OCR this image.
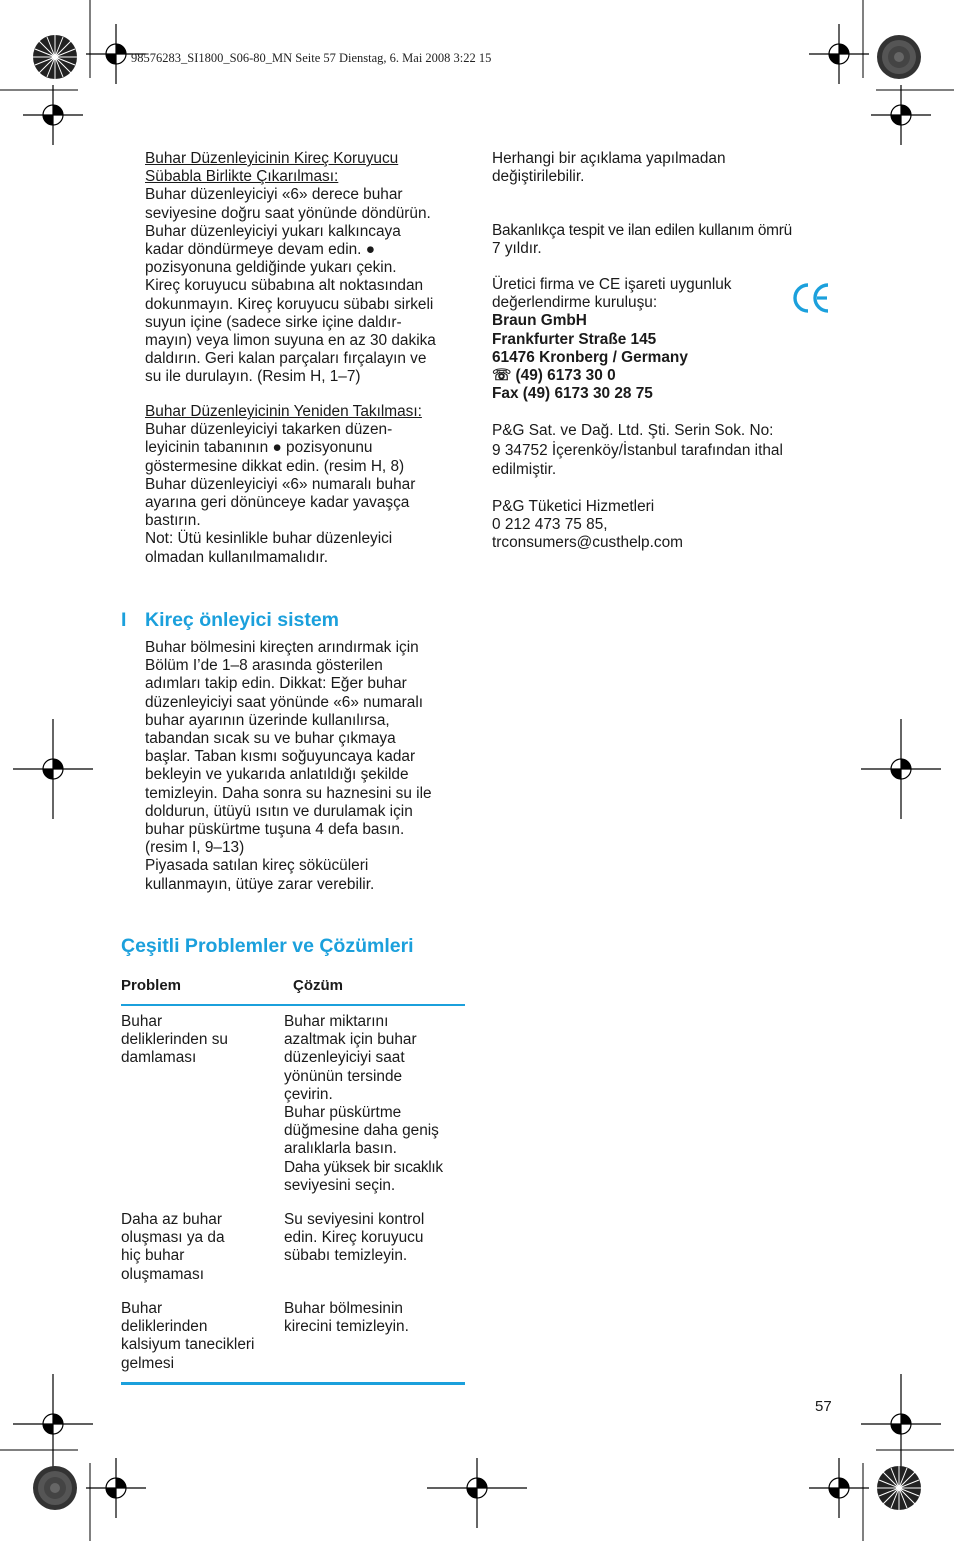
98576283_SI1800_S06-80_MN Seite 57 Dienstag, 6. Mai 2008 3:22 15
Buhar Düzenleyicinin Kireç Koruyucu
Sübabla Birlikte Çıkarılması:
Buhar düzenleyiciyi «6» derece buhar
seviyesine doğru saat yönünde döndürün.
Buhar düzenleyiciyi yukarı kalkıncaya
kadar döndürmeye devam edin. ●
pozisyonuna geldiğinde yukarı çekin.
Kireç koruyucu sübabına alt noktasından
dokunmayın. Kireç koruyucu sübabı sirkeli
suyun içine (sadece sirke içine daldır-
mayın) veya limon suyuna en az 30 dakika
daldırın. Geri kalan parçaları fırçalayın ve
su ile durulayın. (Resim H, 1–7)
Buhar Düzenleyicinin Yeniden Takılması:
Buhar düzenleyiciyi takarken düzen-
leyicinin tabanının ● pozisyonunu
göstermesine dikkat edin. (resim H, 8)
Buhar düzenleyiciyi «6» numaralı buhar
ayarına geri dönünceye kadar yavaşça
bastırın.
Not: Ütü kesinlikle buhar düzenleyici
olmadan kullanılmamalıdır.
I Kireç önleyici sistem
Buhar bölmesini kireçten arındırmak için
Bölüm I’de 1–8 arasında gösterilen
adımları takip edin. Dikkat: Eğer buhar
düzenleyiciyi saat yönünde «6» numaralı
buhar ayarının üzerinde kullanılırsa,
tabandan sıcak su ve buhar çıkmaya
başlar. Taban kısmı soğuyuncaya kadar
bekleyin ve yukarıda anlatıldığı şekilde
temizleyin. Daha sonra su haznesini su ile
doldurun, ütüyü ısıtın ve durulamak için
buhar püskürtme tuşuna 4 defa basın.
(resim I, 9–13)
Piyasada satılan kireç sökücüleri
kullanmayın, ütüye zarar verebilir.
Çeşitli Problemler ve Çözümleri
Problem	Çözüm
Buhar
deliklerinden su
damlaması
Buhar miktarını
azaltmak için buhar
düzenleyiciyi saat
yönünün tersinde
çevirin.
Buhar püskürtme
düğmesine daha geniş
aralıklarla basın.
Daha yüksek bir sıcaklık
seviyesini seçin.
Daha az buhar
oluşması ya da
hiç buhar
oluşmaması
Su seviyesini kontrol
edin. Kireç koruyucu
sübabı temizleyin.
Buhar
deliklerinden
kalsiyum tanecikleri
gelmesi
Buhar bölmesinin
kirecini temizleyin.
Herhangi bir açıklama yapılmadan
değiştirilebilir.
Bakanlıkça tespit ve ilan edilen kullanım ömrü
7 yıldır.
Üretici firma ve CE işareti uygunluk
değerlendirme kuruluşu:
Braun GmbH
Frankfurter Straße 145
61476 Kronberg / Germany
☏ (49) 6173 30 0
Fax (49) 6173 30 28 75
P&G Sat. ve Dağ. Ltd. Şti. Serin Sok. No:
9 34752 İçerenköy/İstanbul tarafından ithal
edilmiştir.
P&G Tüketici Hizmetleri
0 212 473 75 85,
trconsumers@custhelp.com
57
